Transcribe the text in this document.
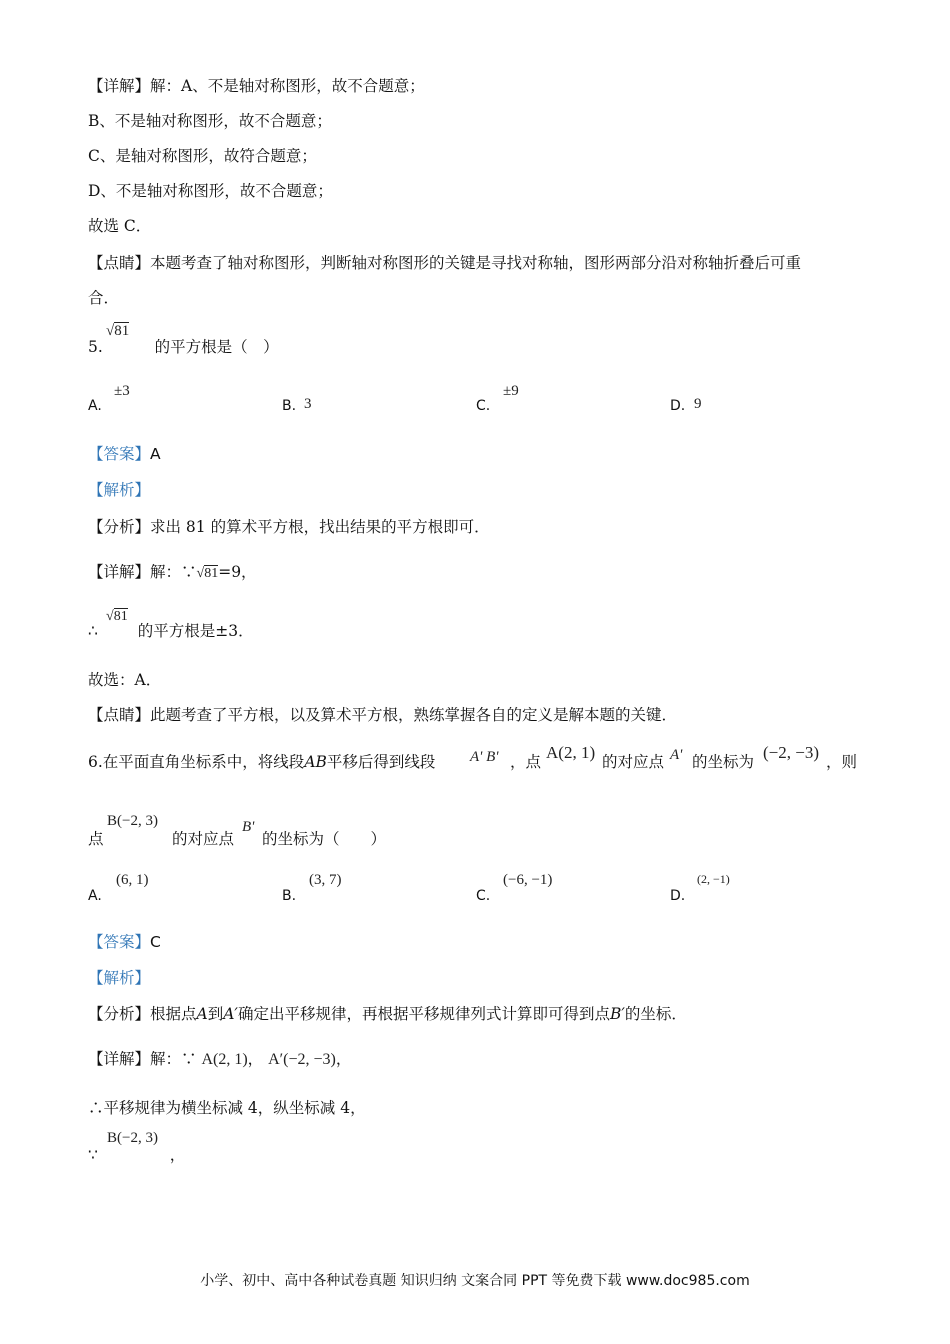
【详解】解：A、不是轴对称图形，故不合题意；
B、不是轴对称图形，故不合题意；
C、是轴对称图形，故符合题意；
D、不是轴对称图形，故不合题意；
故选 C．
【点睛】本题考查了轴对称图形，判断轴对称图形的关键是寻找对称轴，图形两部分沿对称轴折叠后可重
合．
5.	的平方根是（　）
√81
A.
±3
B. 3	C.
±9
D. 9
【答案】A
【解析】
【分析】求出 81 的算术平方根，找出结果的平方根即可．
【详解】解：∵√81=9，
∴	的平方根是±3．
√81
故选：A．
【点睛】此题考查了平方根，以及算术平方根，熟练掌握各自的定义是解本题的关键．
6.在平面直角坐标系中，将线段AB平移后得到线段 A' B' ，点 A(2, 1) 的对应点 A' 的坐标为 (−2, −3) ，则
点
B(−2, 3)
的对应点
B'
的坐标为（　　）
A.
(6, 1)
B.
(3, 7)
C.
(−6, −1)
D.
(2, −1)
【答案】C
【解析】
【分析】根据点A到A′确定出平移规律，再根据平移规律列式计算即可得到点B′的坐标．
【详解】解：∵ A(2, 1)， A′(−2, −3)，
∴平移规律为横坐标减 4，纵坐标减 4，
∵	，
B(−2, 3)
小学、初中、高中各种试卷真题 知识归纳 文案合同 PPT 等免费下载 www.doc985.com
